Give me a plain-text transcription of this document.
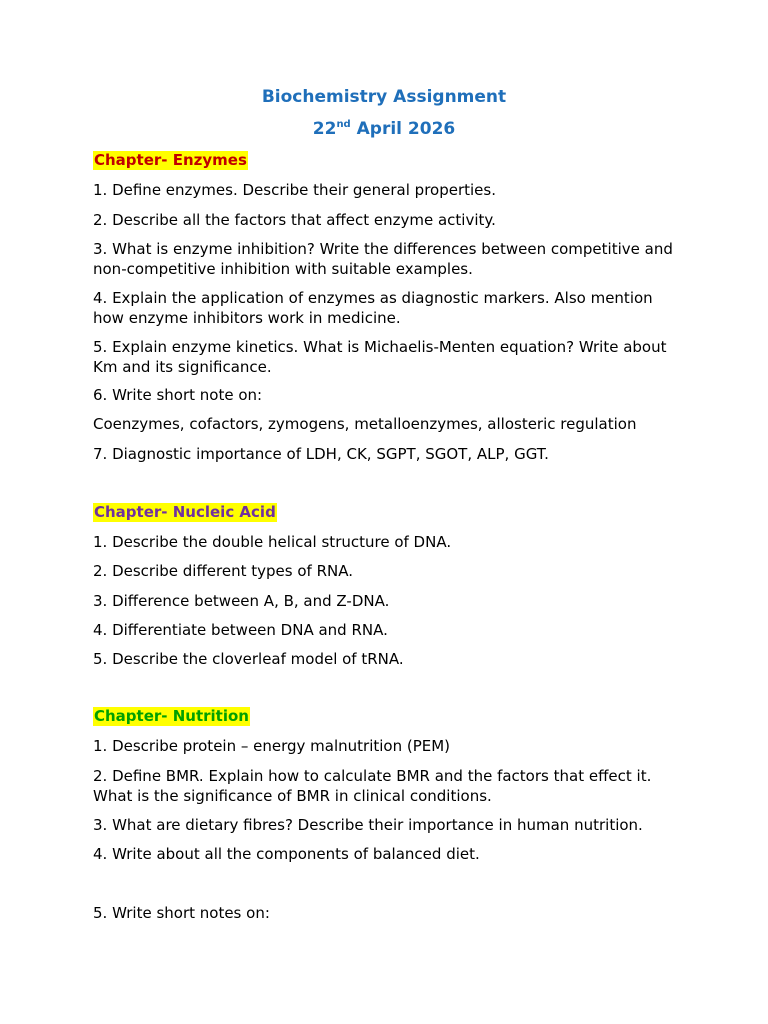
Biochemistry Assignment
22nd April 2026
Chapter- Enzymes
1. Define enzymes. Describe their general properties.
2. Describe all the factors that affect enzyme activity.
3. What is enzyme inhibition? Write the differences between competitive and non-competitive inhibition with suitable examples.
4. Explain the application of enzymes as diagnostic markers. Also mention how enzyme inhibitors work in medicine.
5. Explain enzyme kinetics. What is Michaelis-Menten equation? Write about Km and its significance.
6. Write short note on:
Coenzymes, cofactors, zymogens, metalloenzymes, allosteric regulation
7. Diagnostic importance of LDH, CK, SGPT, SGOT, ALP, GGT.
Chapter- Nucleic Acid
1. Describe the double helical structure of DNA.
2. Describe different types of RNA.
3. Difference between A, B, and Z-DNA.
4. Differentiate between DNA and RNA.
5. Describe the cloverleaf model of tRNA.
Chapter- Nutrition
1. Describe protein – energy malnutrition (PEM)
2. Define BMR. Explain how to calculate BMR and the factors that effect it. What is the significance of BMR in clinical conditions.
3. What are dietary fibres? Describe their importance in human nutrition.
4. Write about all the components of balanced diet.
5. Write short notes on:
